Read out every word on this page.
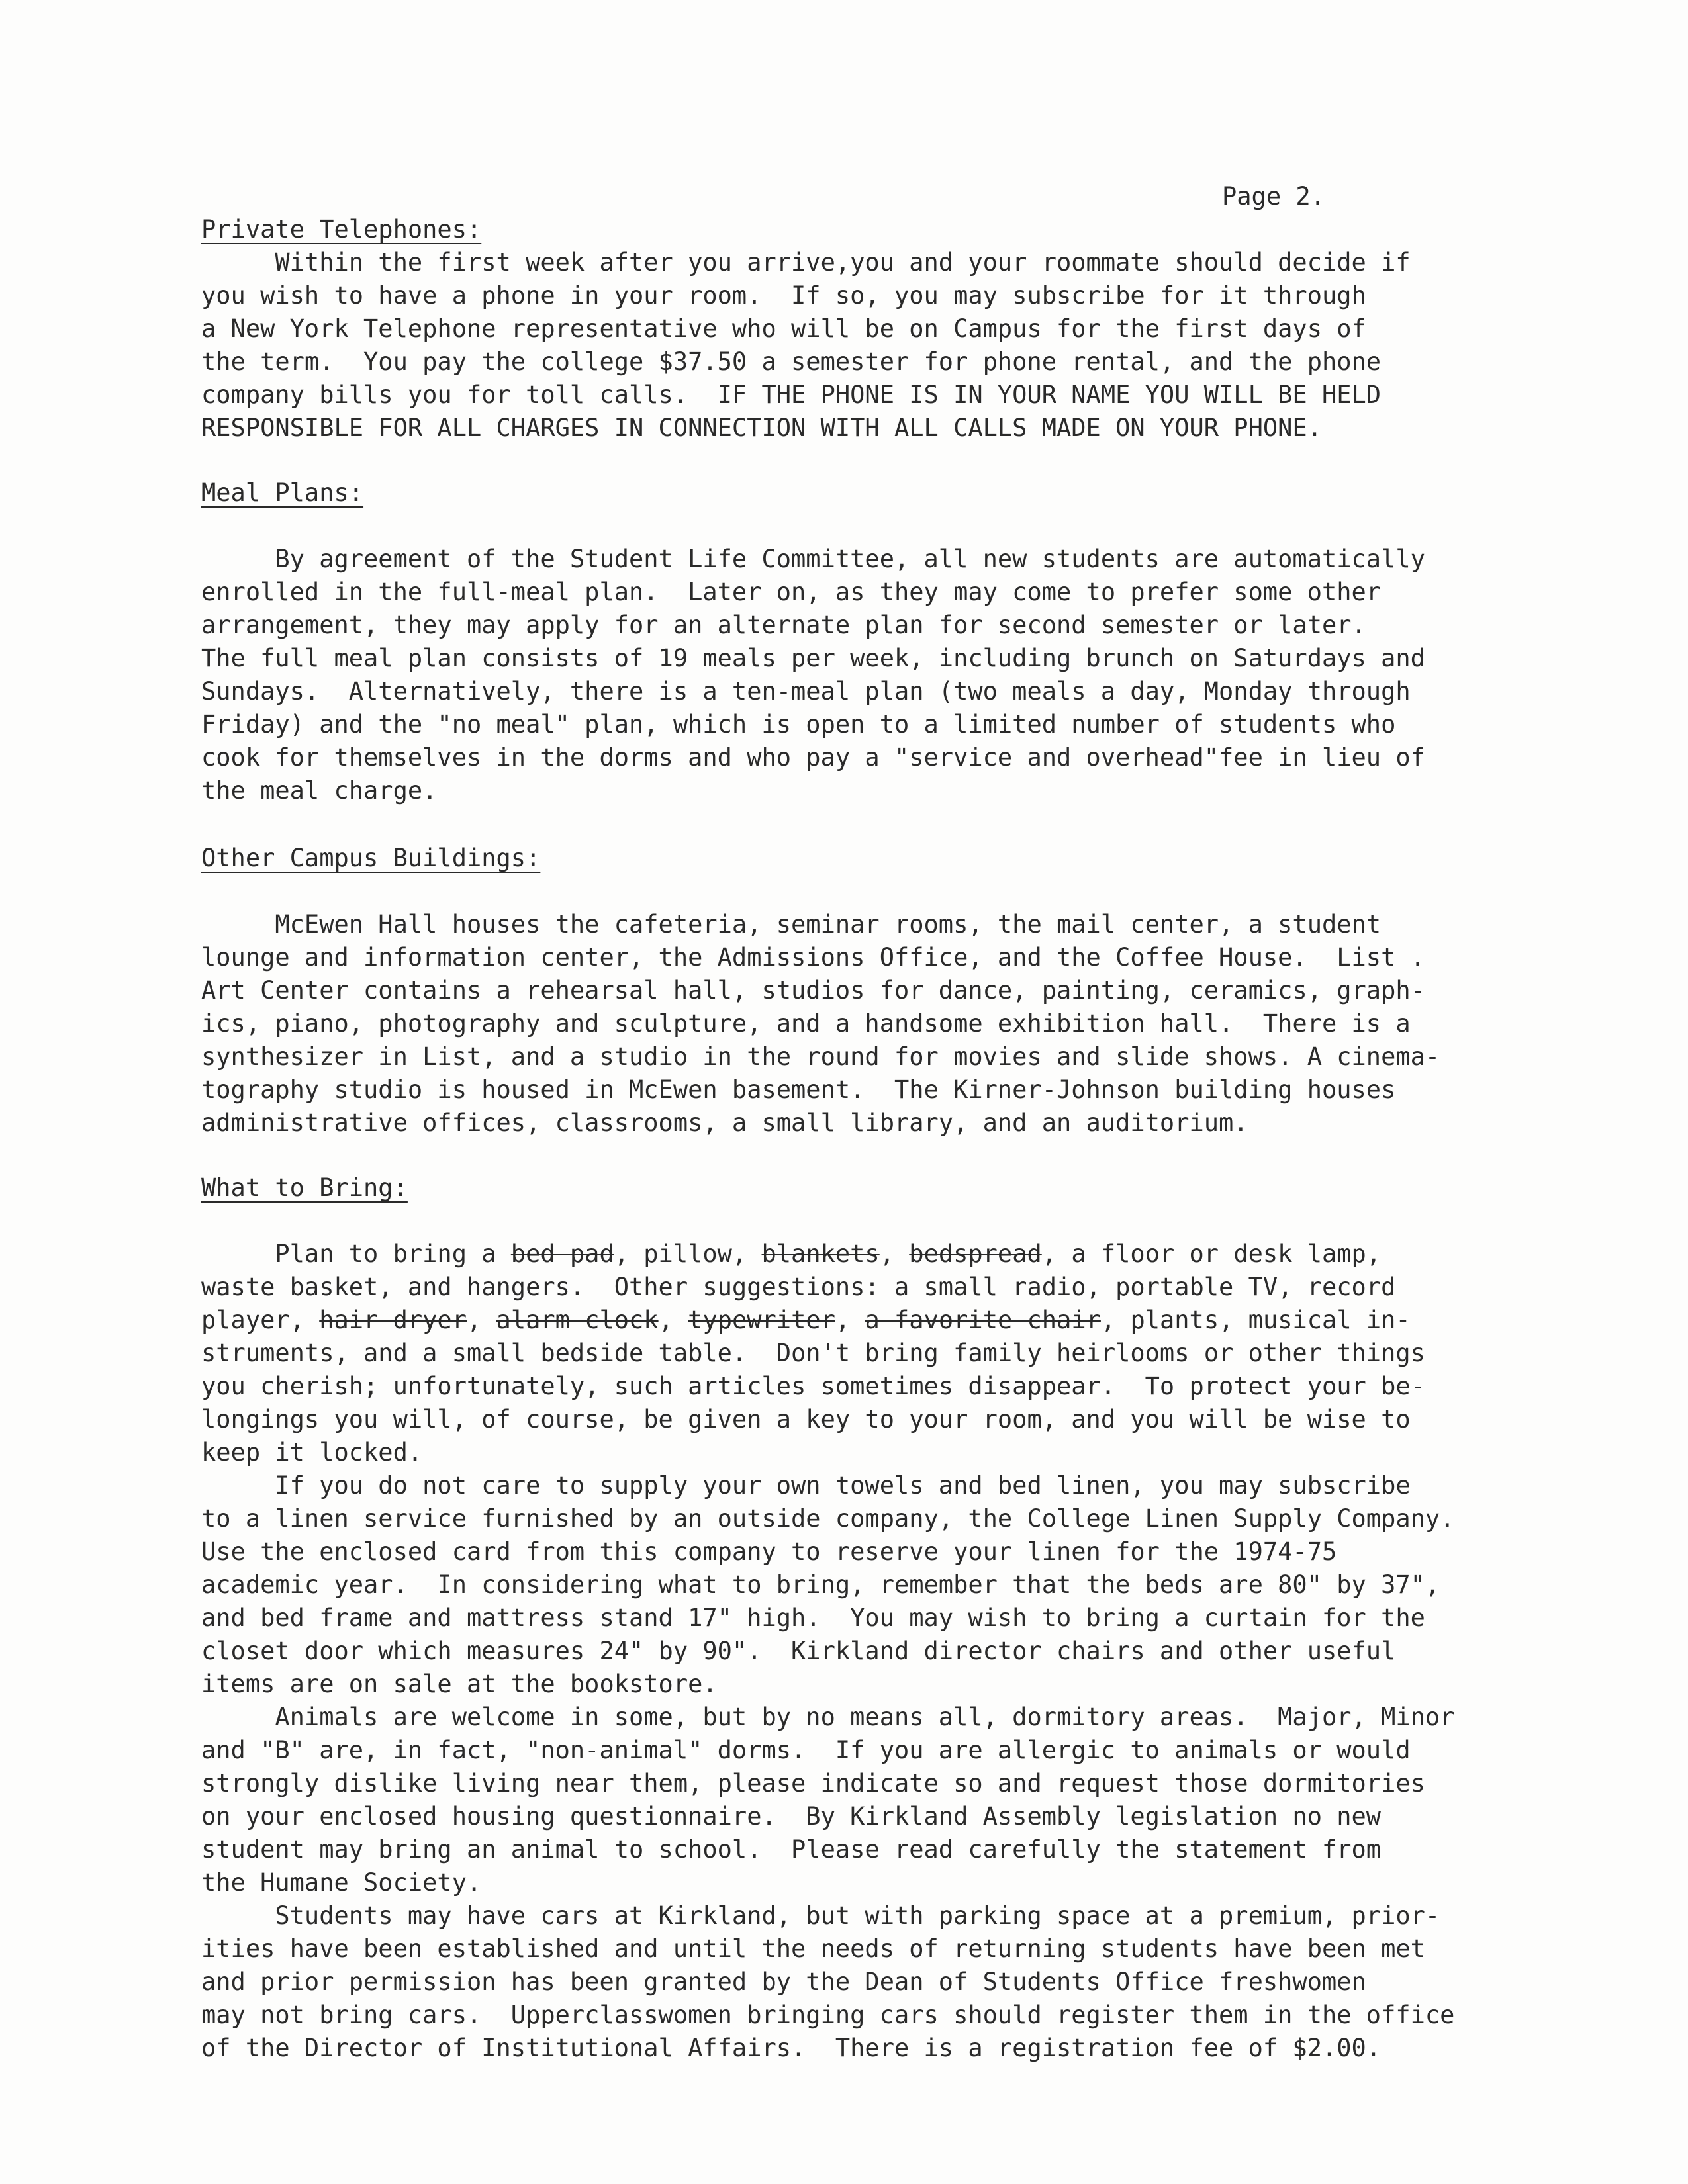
Page 2.
Private Telephones:
Within the first week after you arrive,you and your roommate should decide if
you wish to have a phone in your room.  If so, you may subscribe for it through
a New York Telephone representative who will be on Campus for the first days of
the term.  You pay the college $37.50 a semester for phone rental, and the phone
company bills you for toll calls.  IF THE PHONE IS IN YOUR NAME YOU WILL BE HELD
RESPONSIBLE FOR ALL CHARGES IN CONNECTION WITH ALL CALLS MADE ON YOUR PHONE.
Meal Plans:
By agreement of the Student Life Committee, all new students are automatically
enrolled in the full-meal plan.  Later on, as they may come to prefer some other
arrangement, they may apply for an alternate plan for second semester or later.
The full meal plan consists of 19 meals per week, including brunch on Saturdays and
Sundays.  Alternatively, there is a ten-meal plan (two meals a day, Monday through
Friday) and the "no meal" plan, which is open to a limited number of students who
cook for themselves in the dorms and who pay a "service and overhead"fee in lieu of
the meal charge.
Other Campus Buildings:
McEwen Hall houses the cafeteria, seminar rooms, the mail center, a student
lounge and information center, the Admissions Office, and the Coffee House.  List .
Art Center contains a rehearsal hall, studios for dance, painting, ceramics, graph-
ics, piano, photography and sculpture, and a handsome exhibition hall.  There is a
synthesizer in List, and a studio in the round for movies and slide shows. A cinema-
tography studio is housed in McEwen basement.  The Kirner-Johnson building houses
administrative offices, classrooms, a small library, and an auditorium.
What to Bring:
Plan to bring a bed pad, pillow, blankets, bedspread, a floor or desk lamp,
waste basket, and hangers.  Other suggestions: a small radio, portable TV, record
player, hair-dryer, alarm clock, typewriter, a favorite chair, plants, musical in-
struments, and a small bedside table.  Don't bring family heirlooms or other things
you cherish; unfortunately, such articles sometimes disappear.  To protect your be-
longings you will, of course, be given a key to your room, and you will be wise to
keep it locked.
If you do not care to supply your own towels and bed linen, you may subscribe
to a linen service furnished by an outside company, the College Linen Supply Company.
Use the enclosed card from this company to reserve your linen for the 1974-75
academic year.  In considering what to bring, remember that the beds are 80" by 37",
and bed frame and mattress stand 17" high.  You may wish to bring a curtain for the
closet door which measures 24" by 90".  Kirkland director chairs and other useful
items are on sale at the bookstore.
Animals are welcome in some, but by no means all, dormitory areas.  Major, Minor
and "B" are, in fact, "non-animal" dorms.  If you are allergic to animals or would
strongly dislike living near them, please indicate so and request those dormitories
on your enclosed housing questionnaire.  By Kirkland Assembly legislation no new
student may bring an animal to school.  Please read carefully the statement from
the Humane Society.
Students may have cars at Kirkland, but with parking space at a premium, prior-
ities have been established and until the needs of returning students have been met
and prior permission has been granted by the Dean of Students Office freshwomen
may not bring cars.  Upperclasswomen bringing cars should register them in the office
of the Director of Institutional Affairs.  There is a registration fee of $2.00.
